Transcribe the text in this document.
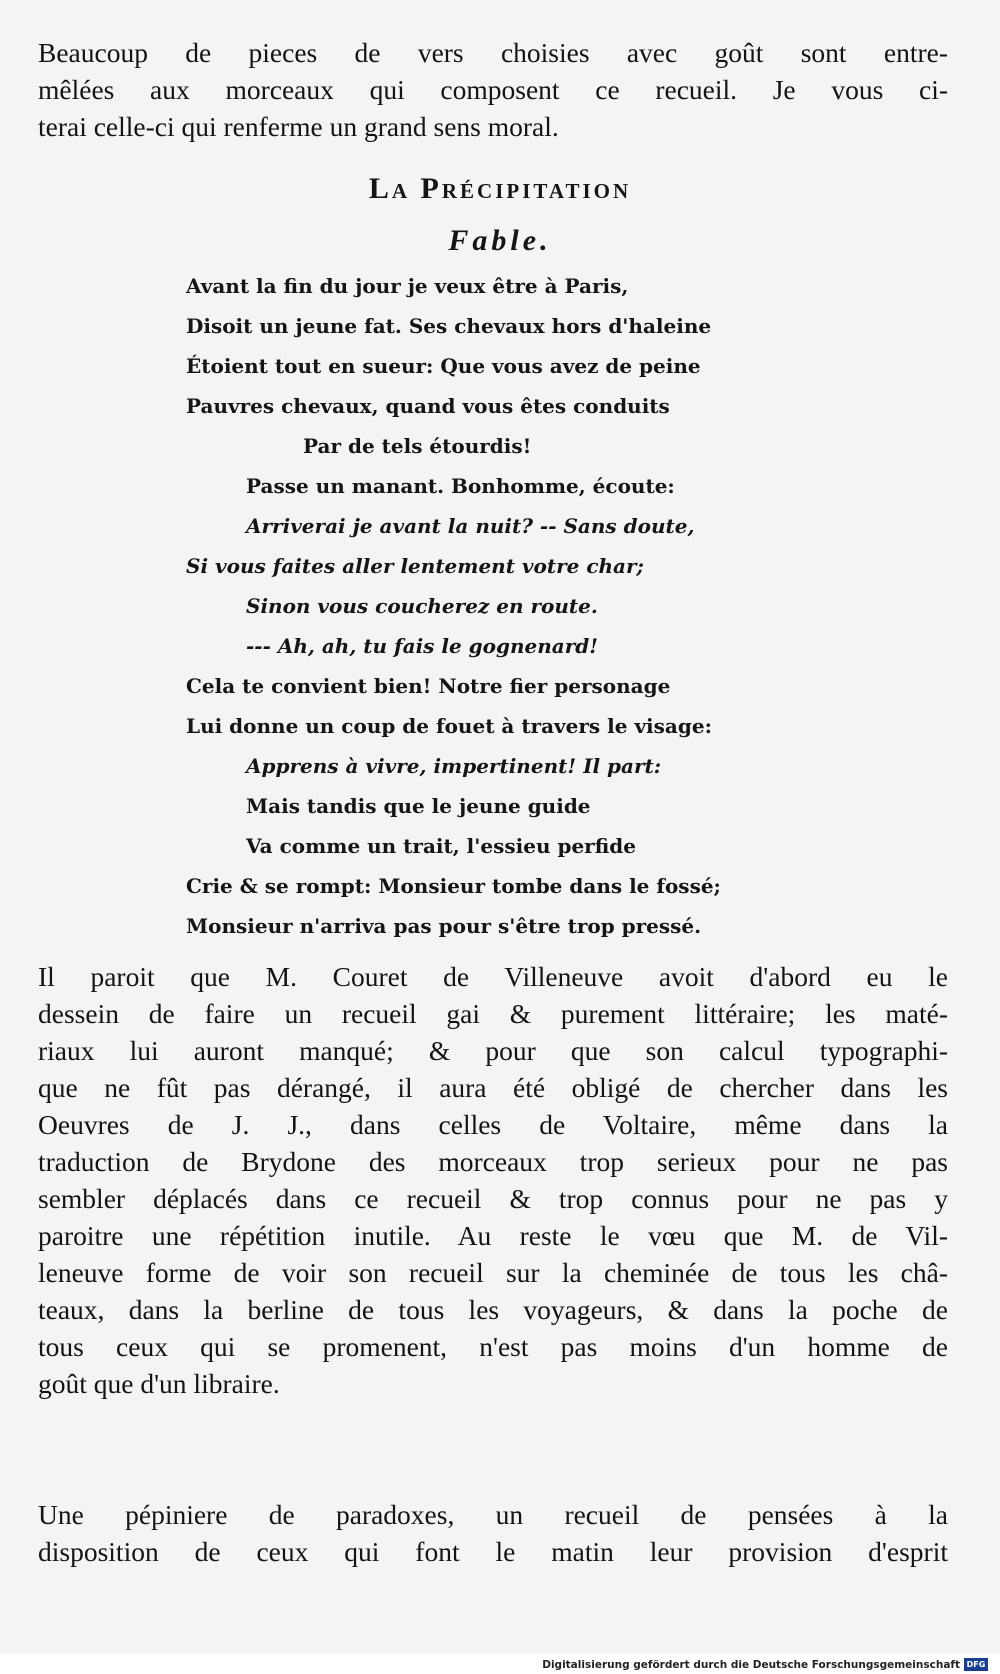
Beaucoup de pieces de vers choisies avec goût sont entre-
mêlées aux morceaux qui composent ce recueil. Je vous ci-
terai celle-ci qui renferme un grand sens moral.
La Précipitation
Fable.
Avant la fin du jour je veux être à Paris,
Disoit un jeune fat. Ses chevaux hors d'haleine
Étoient tout en sueur: Que vous avez de peine
Pauvres chevaux, quand vous êtes conduits
Par de tels étourdis!
Passe un manant. Bonhomme, écoute:
Arriverai je avant la nuit? -- Sans doute,
Si vous faites aller lentement votre char;
Sinon vous coucherez en route.
--- Ah, ah, tu fais le gognenard!
Cela te convient bien! Notre fier personage
Lui donne un coup de fouet à travers le visage:
Apprens à vivre, impertinent! Il part:
Mais tandis que le jeune guide
Va comme un trait, l'essieu perfide
Crie & se rompt: Monsieur tombe dans le fossé;
Monsieur n'arriva pas pour s'être trop pressé.
Il paroit que M. Couret de Villeneuve avoit d'abord eu le
dessein de faire un recueil gai & purement littéraire; les maté-
riaux lui auront manqué; & pour que son calcul typographi-
que ne fût pas dérangé, il aura été obligé de chercher dans les
Oeuvres de J. J., dans celles de Voltaire, même dans la
traduction de Brydone des morceaux trop serieux pour ne pas
sembler déplacés dans ce recueil & trop connus pour ne pas y
paroitre une répétition inutile. Au reste le vœu que M. de Vil-
leneuve forme de voir son recueil sur la cheminée de tous les châ-
teaux, dans la berline de tous les voyageurs, & dans la poche de
tous ceux qui se promenent, n'est pas moins d'un homme de
goût que d'un libraire.
Une pépiniere de paradoxes, un recueil de pensées à la
disposition de ceux qui font le matin leur provision d'esprit
Digitalisierung gefördert durch die Deutsche Forschungsgemeinschaft DFG
